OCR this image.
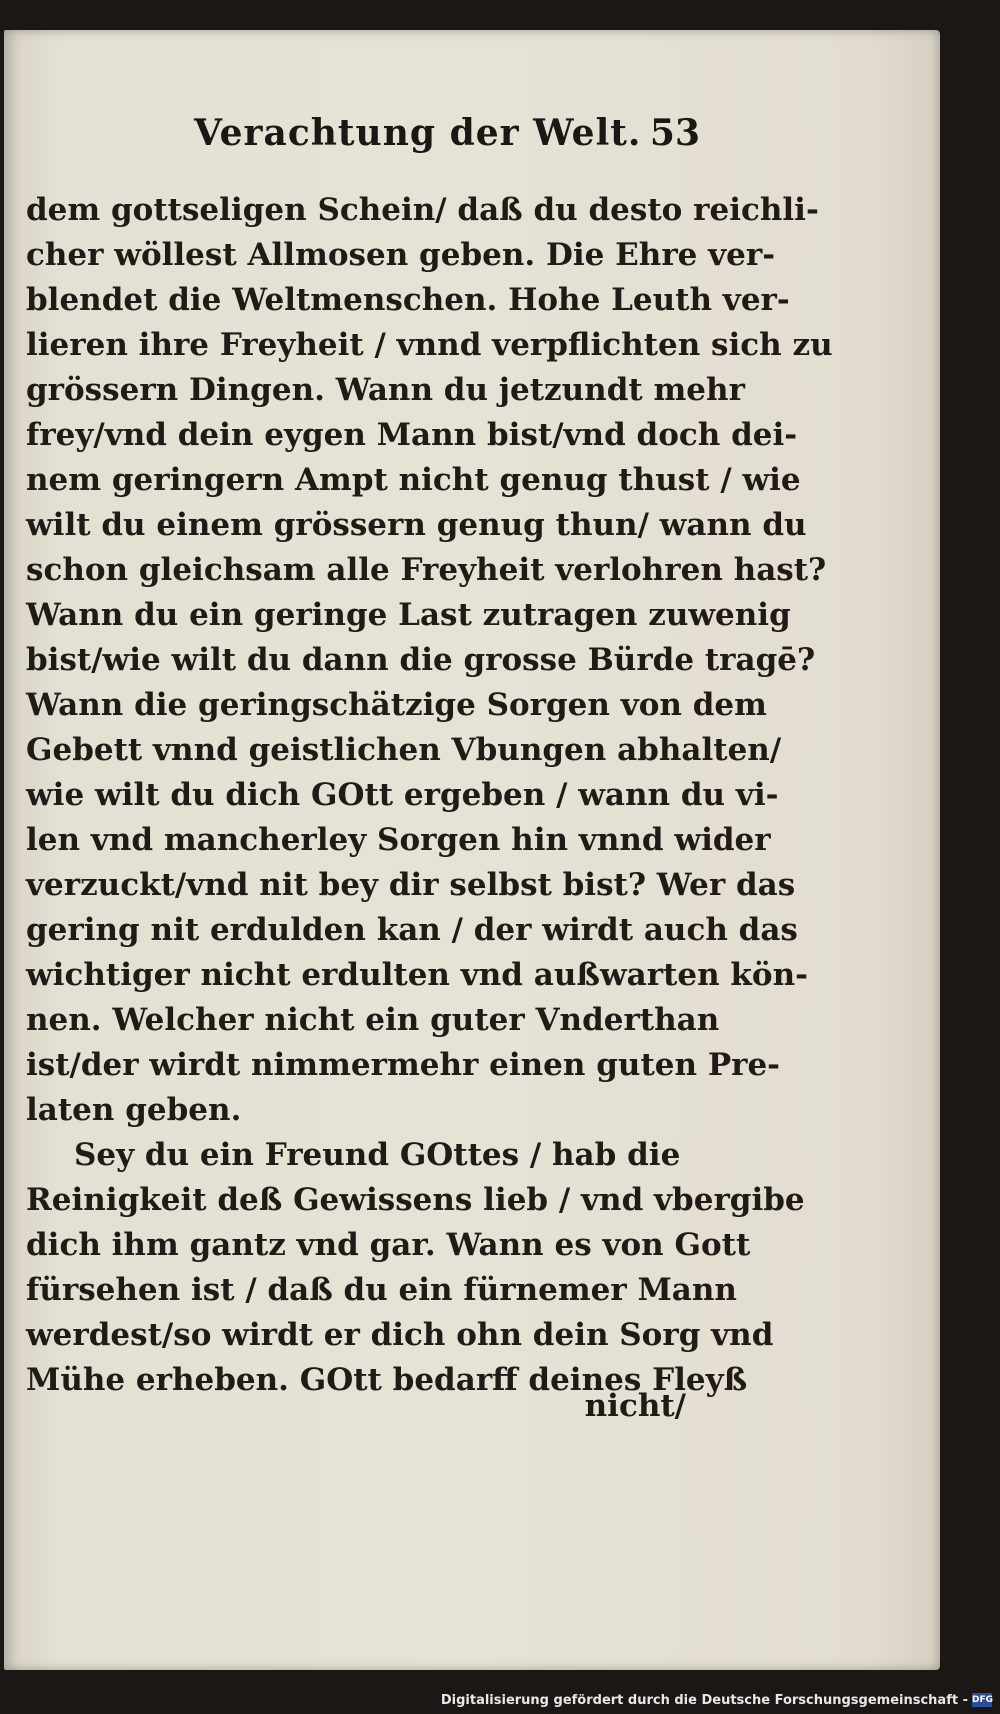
Verachtung der Welt. 53
dem gottseligen Schein/ daß du desto reichli-
cher wöllest Allmosen geben. Die Ehre ver-
blendet die Weltmenschen. Hohe Leuth ver-
lieren ihre Freyheit / vnnd verpflichten sich zu
grössern Dingen. Wann du jetzundt mehr
frey/vnd dein eygen Mann bist/vnd doch dei-
nem geringern Ampt nicht genug thust / wie
wilt du einem grössern genug thun/ wann du
schon gleichsam alle Freyheit verlohren hast?
Wann du ein geringe Last zutragen zuwenig
bist/wie wilt du dann die grosse Bürde tragē?
Wann die geringschätzige Sorgen von dem
Gebett vnnd geistlichen Vbungen abhalten/
wie wilt du dich GOtt ergeben / wann du vi-
len vnd mancherley Sorgen hin vnnd wider
verzuckt/vnd nit bey dir selbst bist? Wer das
gering nit erdulden kan / der wirdt auch das
wichtiger nicht erdulten vnd außwarten kön-
nen. Welcher nicht ein guter Vnderthan
ist/der wirdt nimmermehr einen guten Pre-
laten geben.
Sey du ein Freund GOttes / hab die
Reinigkeit deß Gewissens lieb / vnd vbergibe
dich ihm gantz vnd gar. Wann es von Gott
fürsehen ist / daß du ein fürnemer Mann
werdest/so wirdt er dich ohn dein Sorg vnd
Mühe erheben. GOtt bedarff deines Fleyß
nicht/
Digitalisierung gefördert durch die Deutsche Forschungsgemeinschaft - DFG
